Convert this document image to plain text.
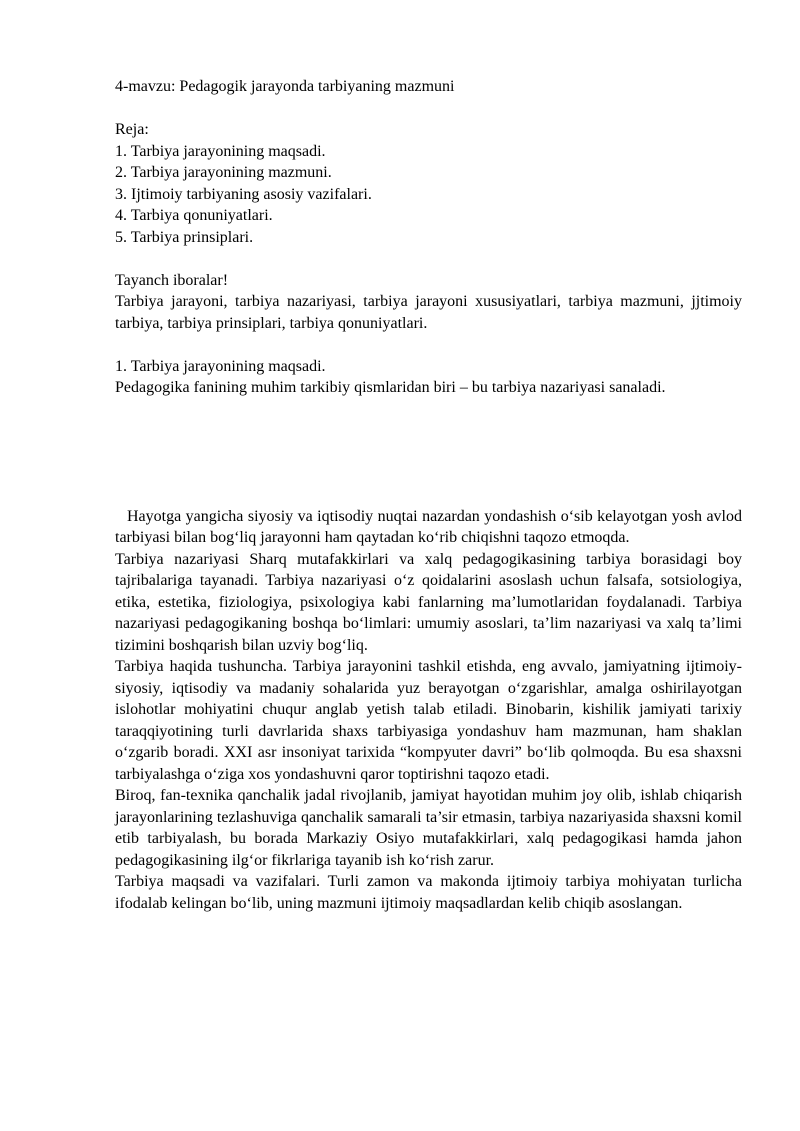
4-mavzu: Pedagogik jarayonda tarbiyaning mazmuni

Reja:

1. Tarbiya jarayonining maqsadi.

2. Tarbiya jarayonining mazmuni.

3. Ijtimoiy tarbiyaning asosiy vazifalari.

4. Tarbiya qonuniyatlari.

5. Tarbiya prinsiplari.

Tayanch iboralar!

Tarbiya jarayoni, tarbiya nazariyasi, tarbiya jarayoni xususiyatlari, tarbiya mazmuni, jjtimoiy tarbiya, tarbiya prinsiplari, tarbiya qonuniyatlari.

1. Tarbiya jarayonining maqsadi.

Pedagogika fanining muhim tarkibiy qismlaridan biri – bu tarbiya nazariyasi sanaladi.

Hayotga yangicha siyosiy va iqtisodiy nuqtai nazardan yondashish o‘sib kelayotgan yosh avlod tarbiyasi bilan bog‘liq jarayonni ham qaytadan ko‘rib chiqishni taqozo etmoqda.

Tarbiya nazariyasi Sharq mutafakkirlari va xalq pedagogikasining tarbiya borasidagi boy tajribalariga tayanadi. Tarbiya nazariyasi o‘z qoidalarini asoslash uchun falsafa, sotsiologiya, etika, estetika, fiziologiya, psixologiya kabi fanlarning ma’lumotlaridan foydalanadi. Tarbiya nazariyasi pedagogikaning boshqa bo‘limlari: umumiy asoslari, ta’lim nazariyasi va xalq ta’limi tizimini boshqarish bilan uzviy bog‘liq.

Tarbiya haqida tushuncha. Tarbiya jarayonini tashkil etishda, eng avvalo, jamiyatning ijtimoiy-siyosiy, iqtisodiy va madaniy sohalarida yuz berayotgan o‘zgarishlar, amalga oshirilayotgan islohotlar mohiyatini chuqur anglab yetish talab etiladi. Binobarin, kishilik jamiyati tarixiy taraqqiyotining turli davrlarida shaxs tarbiyasiga yondashuv ham mazmunan, ham shaklan o‘zgarib boradi. XXI asr insoniyat tarixida “kompyuter davri” bo‘lib qolmoqda. Bu esa shaxsni tarbiyalashga o‘ziga xos yondashuvni qaror toptirishni taqozo etadi.

Biroq, fan-texnika qanchalik jadal rivojlanib, jamiyat hayotidan muhim joy olib, ishlab chiqarish jarayonlarining tezlashuviga qanchalik samarali ta’sir etmasin, tarbiya nazariyasida shaxsni komil etib tarbiyalash, bu borada Markaziy Osiyo mutafakkirlari, xalq pedagogikasi hamda jahon pedagogikasining ilg‘or fikrlariga tayanib ish ko‘rish zarur.

Tarbiya maqsadi va vazifalari. Turli zamon va makonda ijtimoiy tarbiya mohiyatan turlicha ifodalab kelingan bo‘lib, uning mazmuni ijtimoiy maqsadlardan kelib chiqib asoslangan.
